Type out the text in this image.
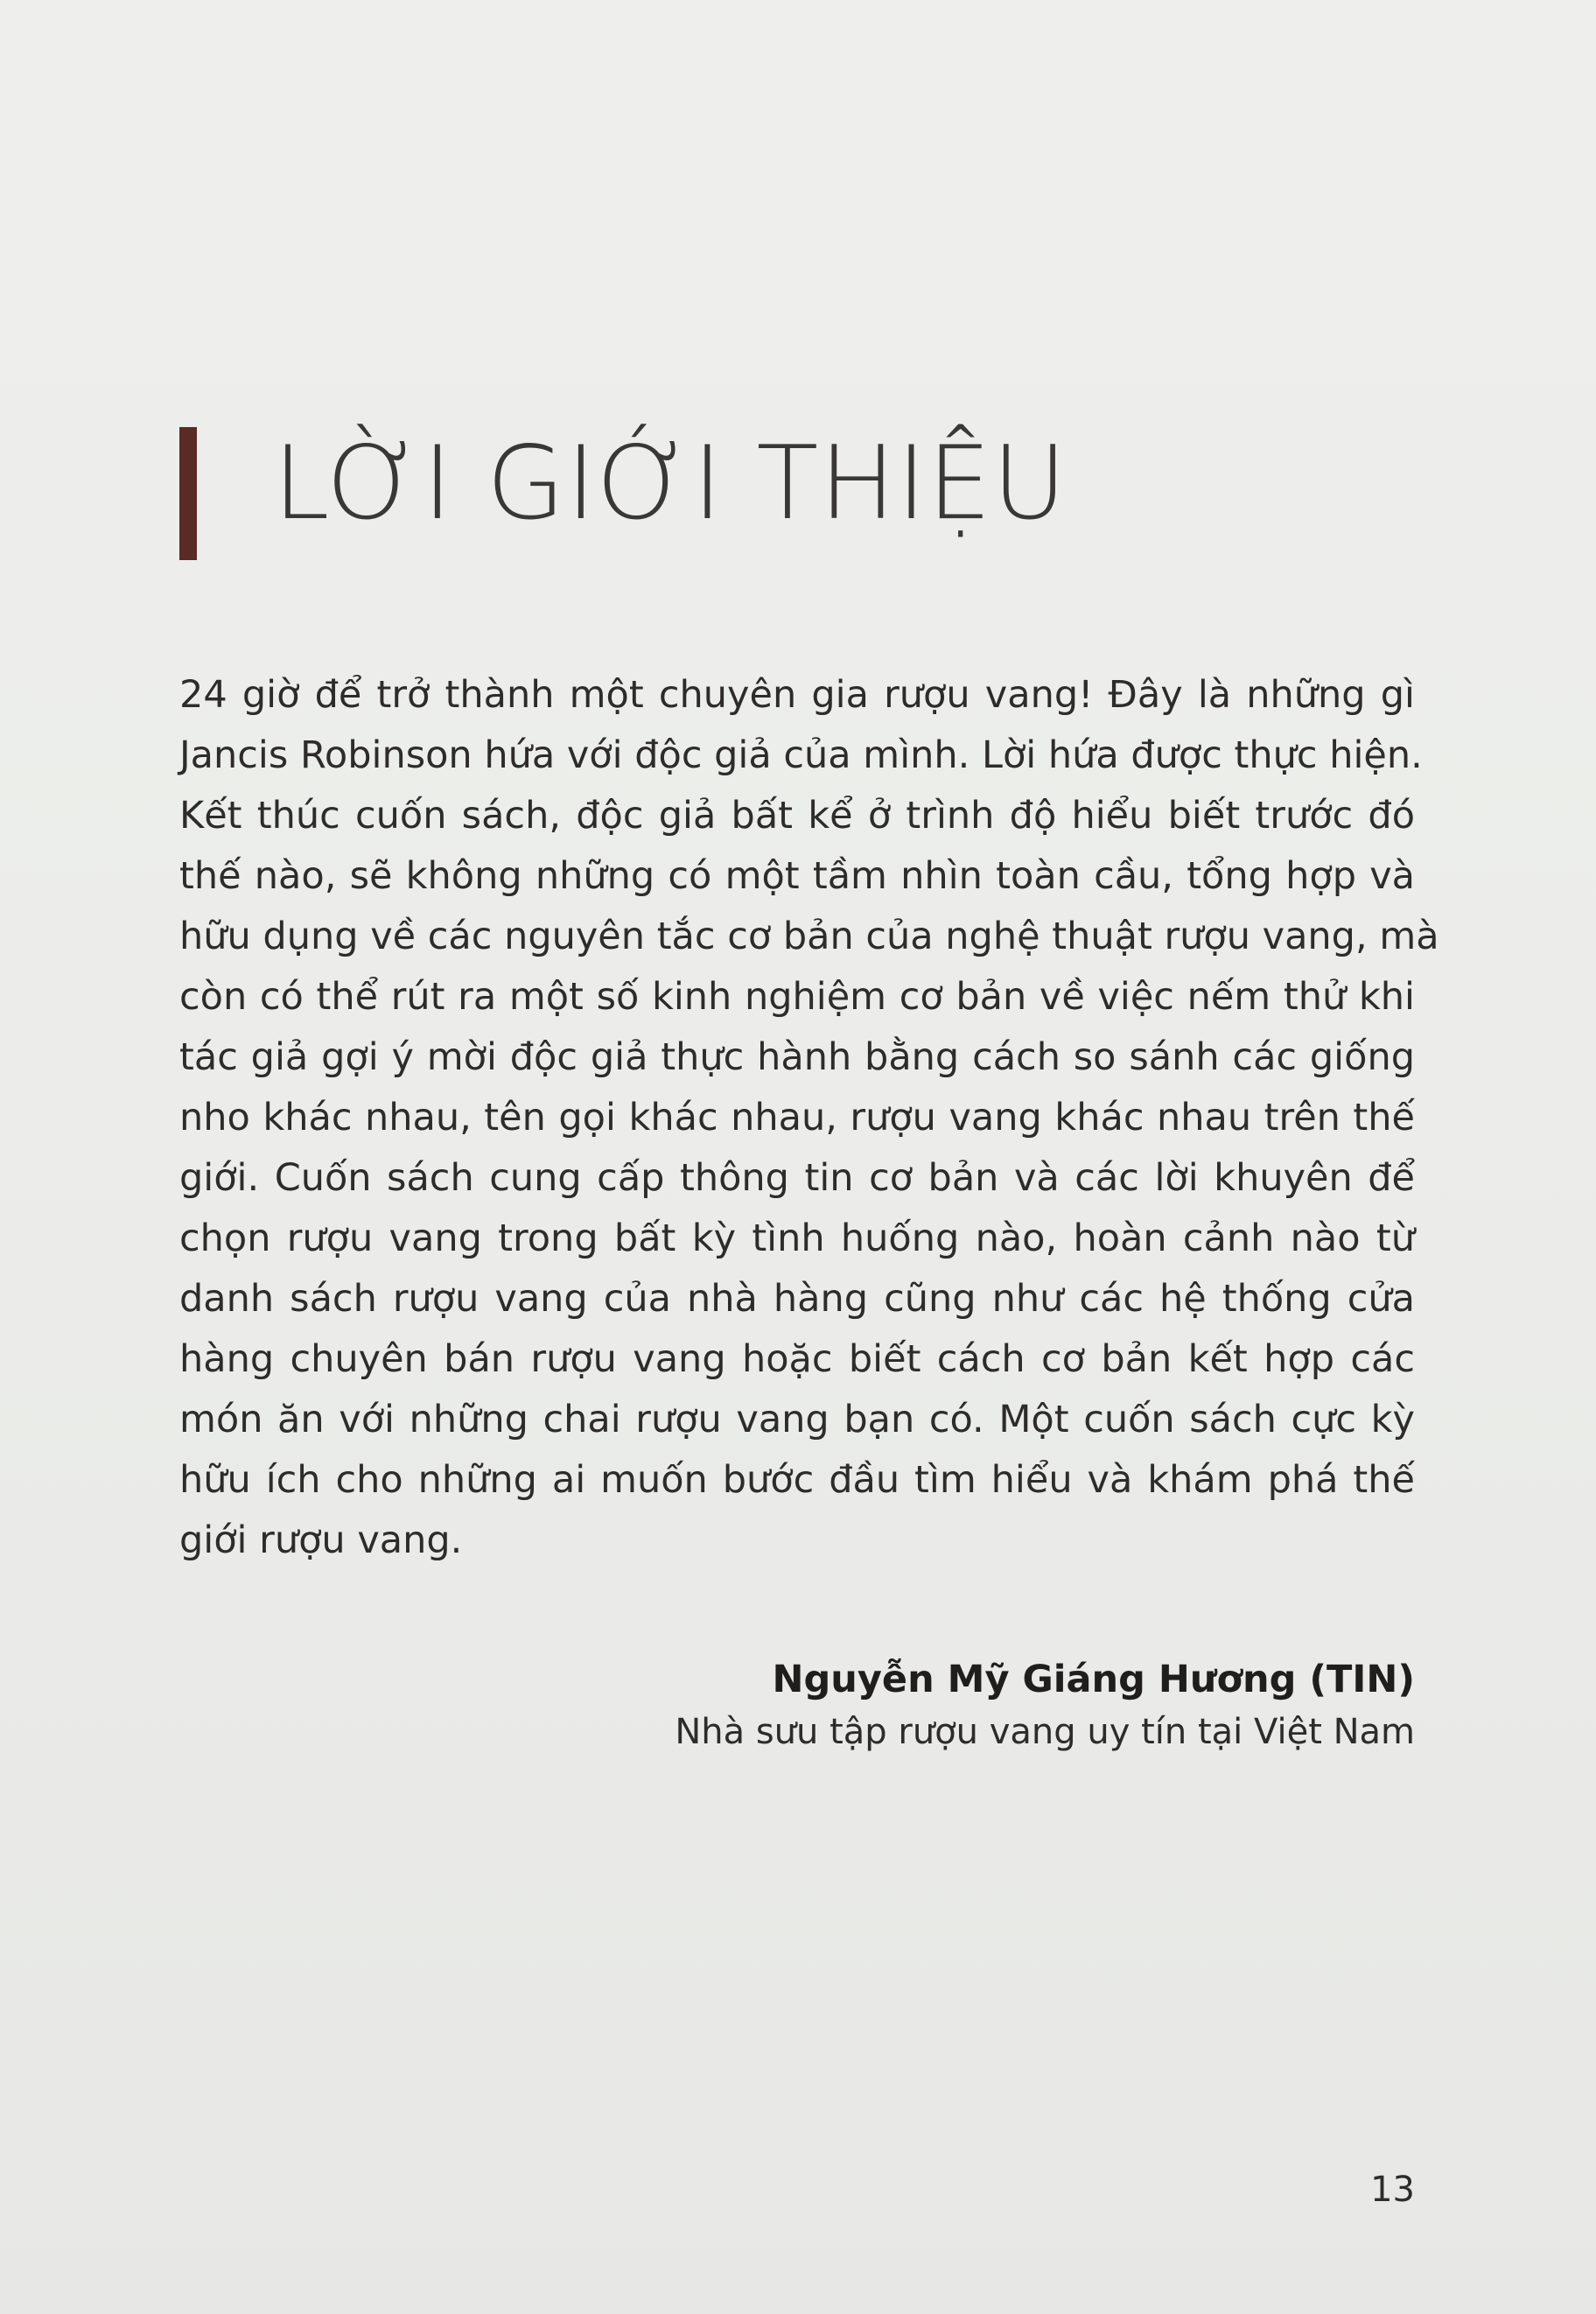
LỜI GIỚI THIỆU
24 giờ để trở thành một chuyên gia rượu vang! Đây là những gì
Jancis Robinson hứa với độc giả của mình. Lời hứa được thực hiện.
Kết thúc cuốn sách, độc giả bất kể ở trình độ hiểu biết trước đó
thế nào, sẽ không những có một tầm nhìn toàn cầu, tổng hợp và
hữu dụng về các nguyên tắc cơ bản của nghệ thuật rượu vang, mà
còn có thể rút ra một số kinh nghiệm cơ bản về việc nếm thử khi
tác giả gợi ý mời độc giả thực hành bằng cách so sánh các giống
nho khác nhau, tên gọi khác nhau, rượu vang khác nhau trên thế
giới. Cuốn sách cung cấp thông tin cơ bản và các lời khuyên để
chọn rượu vang trong bất kỳ tình huống nào, hoàn cảnh nào từ
danh sách rượu vang của nhà hàng cũng như các hệ thống cửa
hàng chuyên bán rượu vang hoặc biết cách cơ bản kết hợp các
món ăn với những chai rượu vang bạn có. Một cuốn sách cực kỳ
hữu ích cho những ai muốn bước đầu tìm hiểu và khám phá thế
giới rượu vang.
Nguyễn Mỹ Giáng Hương (TIN)
Nhà sưu tập rượu vang uy tín tại Việt Nam
13
